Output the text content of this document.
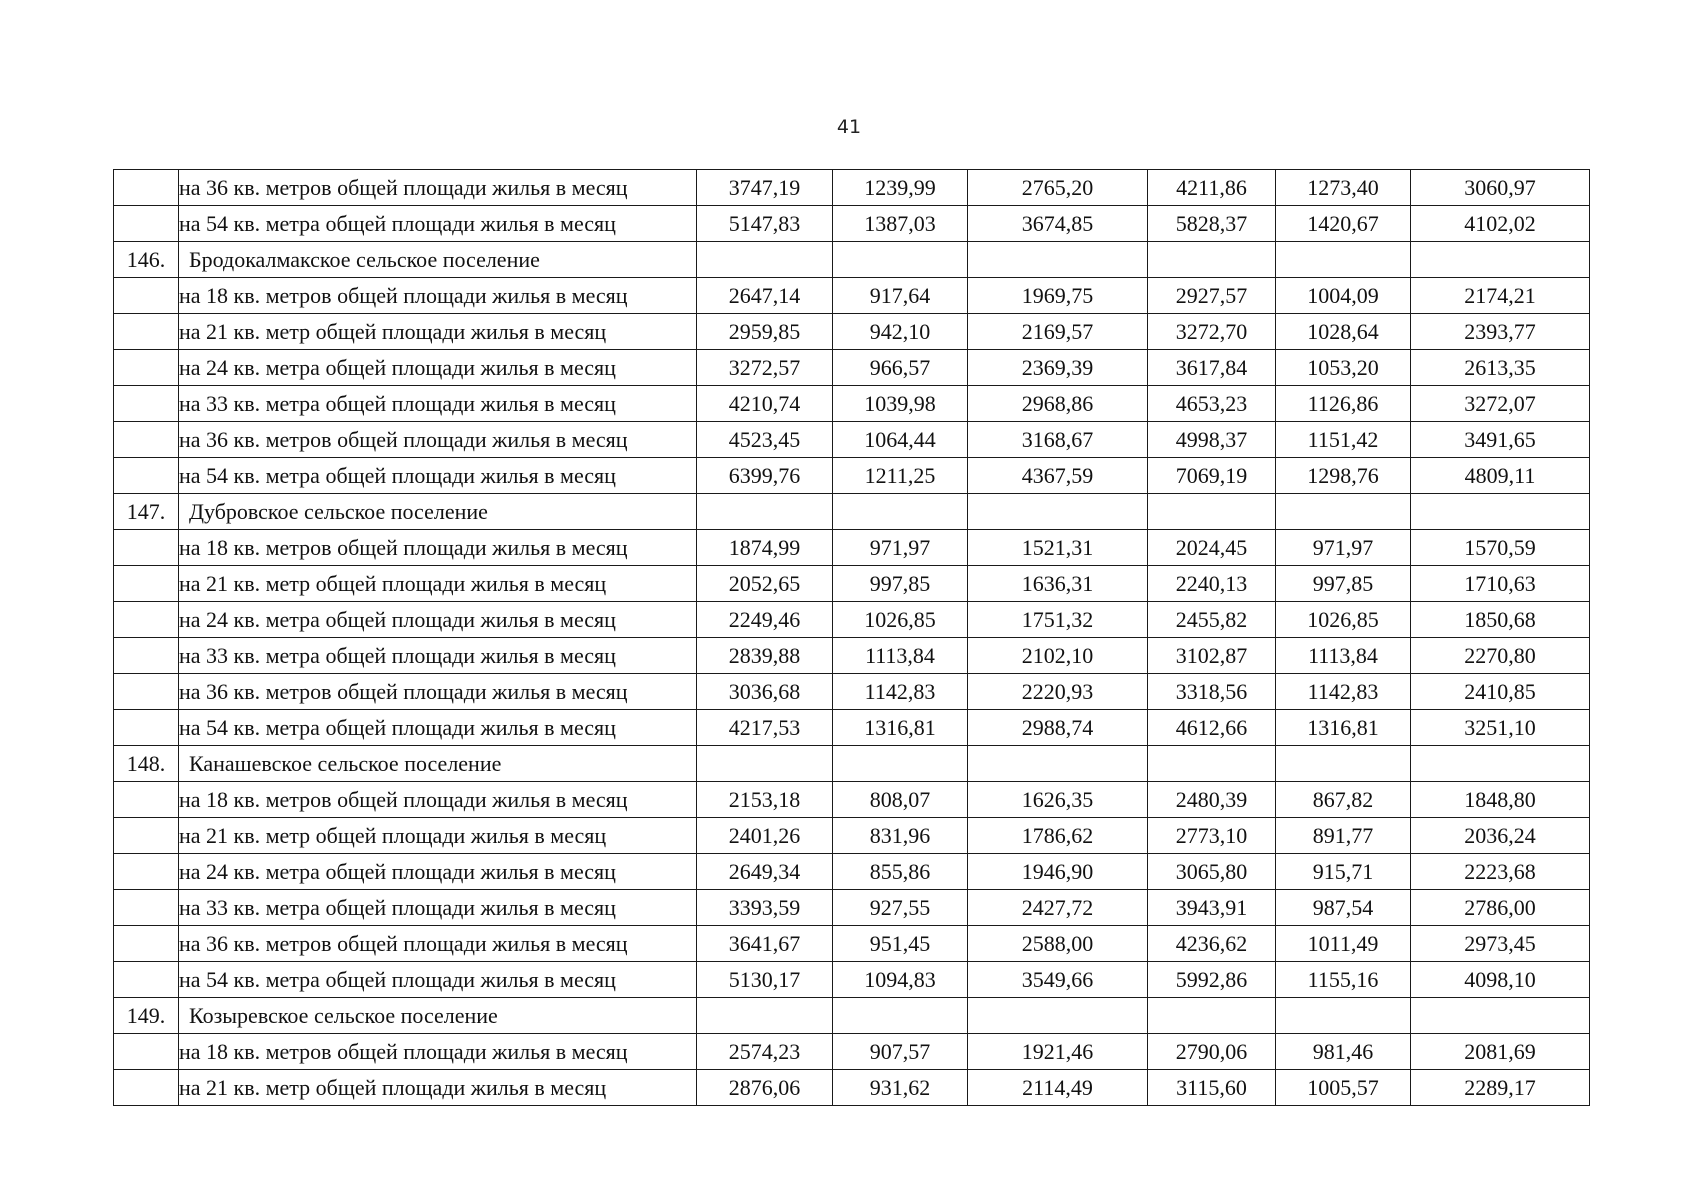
41
	на 36 кв. метров общей площади жилья в месяц	3747,19	1239,99	2765,20	4211,86	1273,40	3060,97
	на 54 кв. метра общей площади жилья в месяц	5147,83	1387,03	3674,85	5828,37	1420,67	4102,02
146.	Бродокалмакское сельское поселение						
	на 18 кв. метров общей площади жилья в месяц	2647,14	917,64	1969,75	2927,57	1004,09	2174,21
	на 21 кв. метр общей площади жилья в месяц	2959,85	942,10	2169,57	3272,70	1028,64	2393,77
	на 24 кв. метра общей площади жилья в месяц	3272,57	966,57	2369,39	3617,84	1053,20	2613,35
	на 33 кв. метра общей площади жилья в месяц	4210,74	1039,98	2968,86	4653,23	1126,86	3272,07
	на 36 кв. метров общей площади жилья в месяц	4523,45	1064,44	3168,67	4998,37	1151,42	3491,65
	на 54 кв. метра общей площади жилья в месяц	6399,76	1211,25	4367,59	7069,19	1298,76	4809,11
147.	Дубровское сельское поселение						
	на 18 кв. метров общей площади жилья в месяц	1874,99	971,97	1521,31	2024,45	971,97	1570,59
	на 21 кв. метр общей площади жилья в месяц	2052,65	997,85	1636,31	2240,13	997,85	1710,63
	на 24 кв. метра общей площади жилья в месяц	2249,46	1026,85	1751,32	2455,82	1026,85	1850,68
	на 33 кв. метра общей площади жилья в месяц	2839,88	1113,84	2102,10	3102,87	1113,84	2270,80
	на 36 кв. метров общей площади жилья в месяц	3036,68	1142,83	2220,93	3318,56	1142,83	2410,85
	на 54 кв. метра общей площади жилья в месяц	4217,53	1316,81	2988,74	4612,66	1316,81	3251,10
148.	Канашевское сельское поселение						
	на 18 кв. метров общей площади жилья в месяц	2153,18	808,07	1626,35	2480,39	867,82	1848,80
	на 21 кв. метр общей площади жилья в месяц	2401,26	831,96	1786,62	2773,10	891,77	2036,24
	на 24 кв. метра общей площади жилья в месяц	2649,34	855,86	1946,90	3065,80	915,71	2223,68
	на 33 кв. метра общей площади жилья в месяц	3393,59	927,55	2427,72	3943,91	987,54	2786,00
	на 36 кв. метров общей площади жилья в месяц	3641,67	951,45	2588,00	4236,62	1011,49	2973,45
	на 54 кв. метра общей площади жилья в месяц	5130,17	1094,83	3549,66	5992,86	1155,16	4098,10
149.	Козыревское сельское поселение						
	на 18 кв. метров общей площади жилья в месяц	2574,23	907,57	1921,46	2790,06	981,46	2081,69
	на 21 кв. метр общей площади жилья в месяц	2876,06	931,62	2114,49	3115,60	1005,57	2289,17
